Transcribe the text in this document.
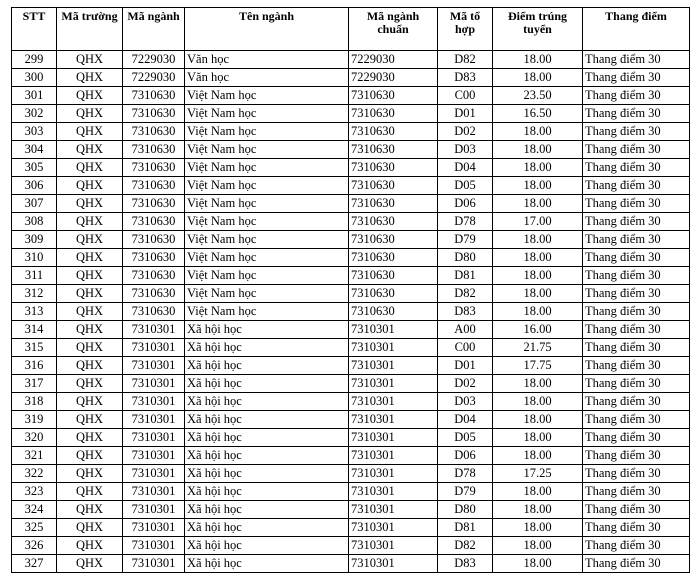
STT	Mã trường	Mã ngành	Tên ngành	Mã ngành chuẩn	Mã tổ hợp	Điểm trúng tuyển	Thang điểm
299	QHX	7229030	Văn học	7229030	D82	18.00	Thang điểm 30
300	QHX	7229030	Văn học	7229030	D83	18.00	Thang điểm 30
301	QHX	7310630	Việt Nam học	7310630	C00	23.50	Thang điểm 30
302	QHX	7310630	Việt Nam học	7310630	D01	16.50	Thang điểm 30
303	QHX	7310630	Việt Nam học	7310630	D02	18.00	Thang điểm 30
304	QHX	7310630	Việt Nam học	7310630	D03	18.00	Thang điểm 30
305	QHX	7310630	Việt Nam học	7310630	D04	18.00	Thang điểm 30
306	QHX	7310630	Việt Nam học	7310630	D05	18.00	Thang điểm 30
307	QHX	7310630	Việt Nam học	7310630	D06	18.00	Thang điểm 30
308	QHX	7310630	Việt Nam học	7310630	D78	17.00	Thang điểm 30
309	QHX	7310630	Việt Nam học	7310630	D79	18.00	Thang điểm 30
310	QHX	7310630	Việt Nam học	7310630	D80	18.00	Thang điểm 30
311	QHX	7310630	Việt Nam học	7310630	D81	18.00	Thang điểm 30
312	QHX	7310630	Việt Nam học	7310630	D82	18.00	Thang điểm 30
313	QHX	7310630	Việt Nam học	7310630	D83	18.00	Thang điểm 30
314	QHX	7310301	Xã hội học	7310301	A00	16.00	Thang điểm 30
315	QHX	7310301	Xã hội học	7310301	C00	21.75	Thang điểm 30
316	QHX	7310301	Xã hội học	7310301	D01	17.75	Thang điểm 30
317	QHX	7310301	Xã hội học	7310301	D02	18.00	Thang điểm 30
318	QHX	7310301	Xã hội học	7310301	D03	18.00	Thang điểm 30
319	QHX	7310301	Xã hội học	7310301	D04	18.00	Thang điểm 30
320	QHX	7310301	Xã hội học	7310301	D05	18.00	Thang điểm 30
321	QHX	7310301	Xã hội học	7310301	D06	18.00	Thang điểm 30
322	QHX	7310301	Xã hội học	7310301	D78	17.25	Thang điểm 30
323	QHX	7310301	Xã hội học	7310301	D79	18.00	Thang điểm 30
324	QHX	7310301	Xã hội học	7310301	D80	18.00	Thang điểm 30
325	QHX	7310301	Xã hội học	7310301	D81	18.00	Thang điểm 30
326	QHX	7310301	Xã hội học	7310301	D82	18.00	Thang điểm 30
327	QHX	7310301	Xã hội học	7310301	D83	18.00	Thang điểm 30
